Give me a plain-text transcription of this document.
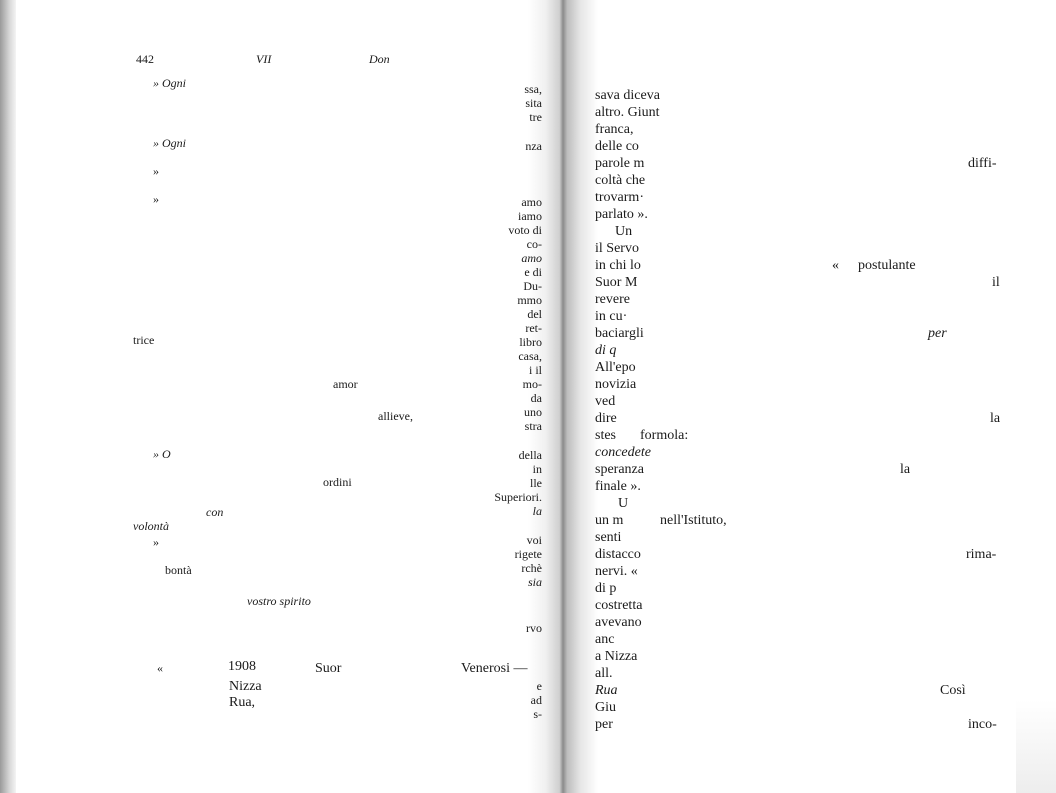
442	VII	Don
» Ogni
» Ogni
»
»
trice
amor
allieve,
» O
ordini
con
volontà
»
bontà
vostro spirito
«	1908	Suor	Venerosi —
Nizza
Rua,
ssa,
sita
tre
nza
amo
iamo
voto di
co-
amo
e di
Du-
mmo
del
ret-
libro
casa,
i il
mo-
da
uno
stra
della
in
lle
Superiori.
la
voi
rigete
rchè
sia
rvo
e
ad
s-
sava diceva
altro. Giunt
franca,
delle co
parole m
coltà che
trovarm·
parlato ».
Un
il Servo
in chi lo
Suor M
revere
in cu·
baciargli
di q
All'epo
novizia
ved
dire
stes
concedete
speranza
finale ».
U
un m
senti
distacco
nervi. «
di p
costretta
avevano
anc
a Nizza
all.
Rua
Giu
per
diffi-
« postulante
il
per
la
formola:
la
nell'Istituto,
rima-
Così
inco-
